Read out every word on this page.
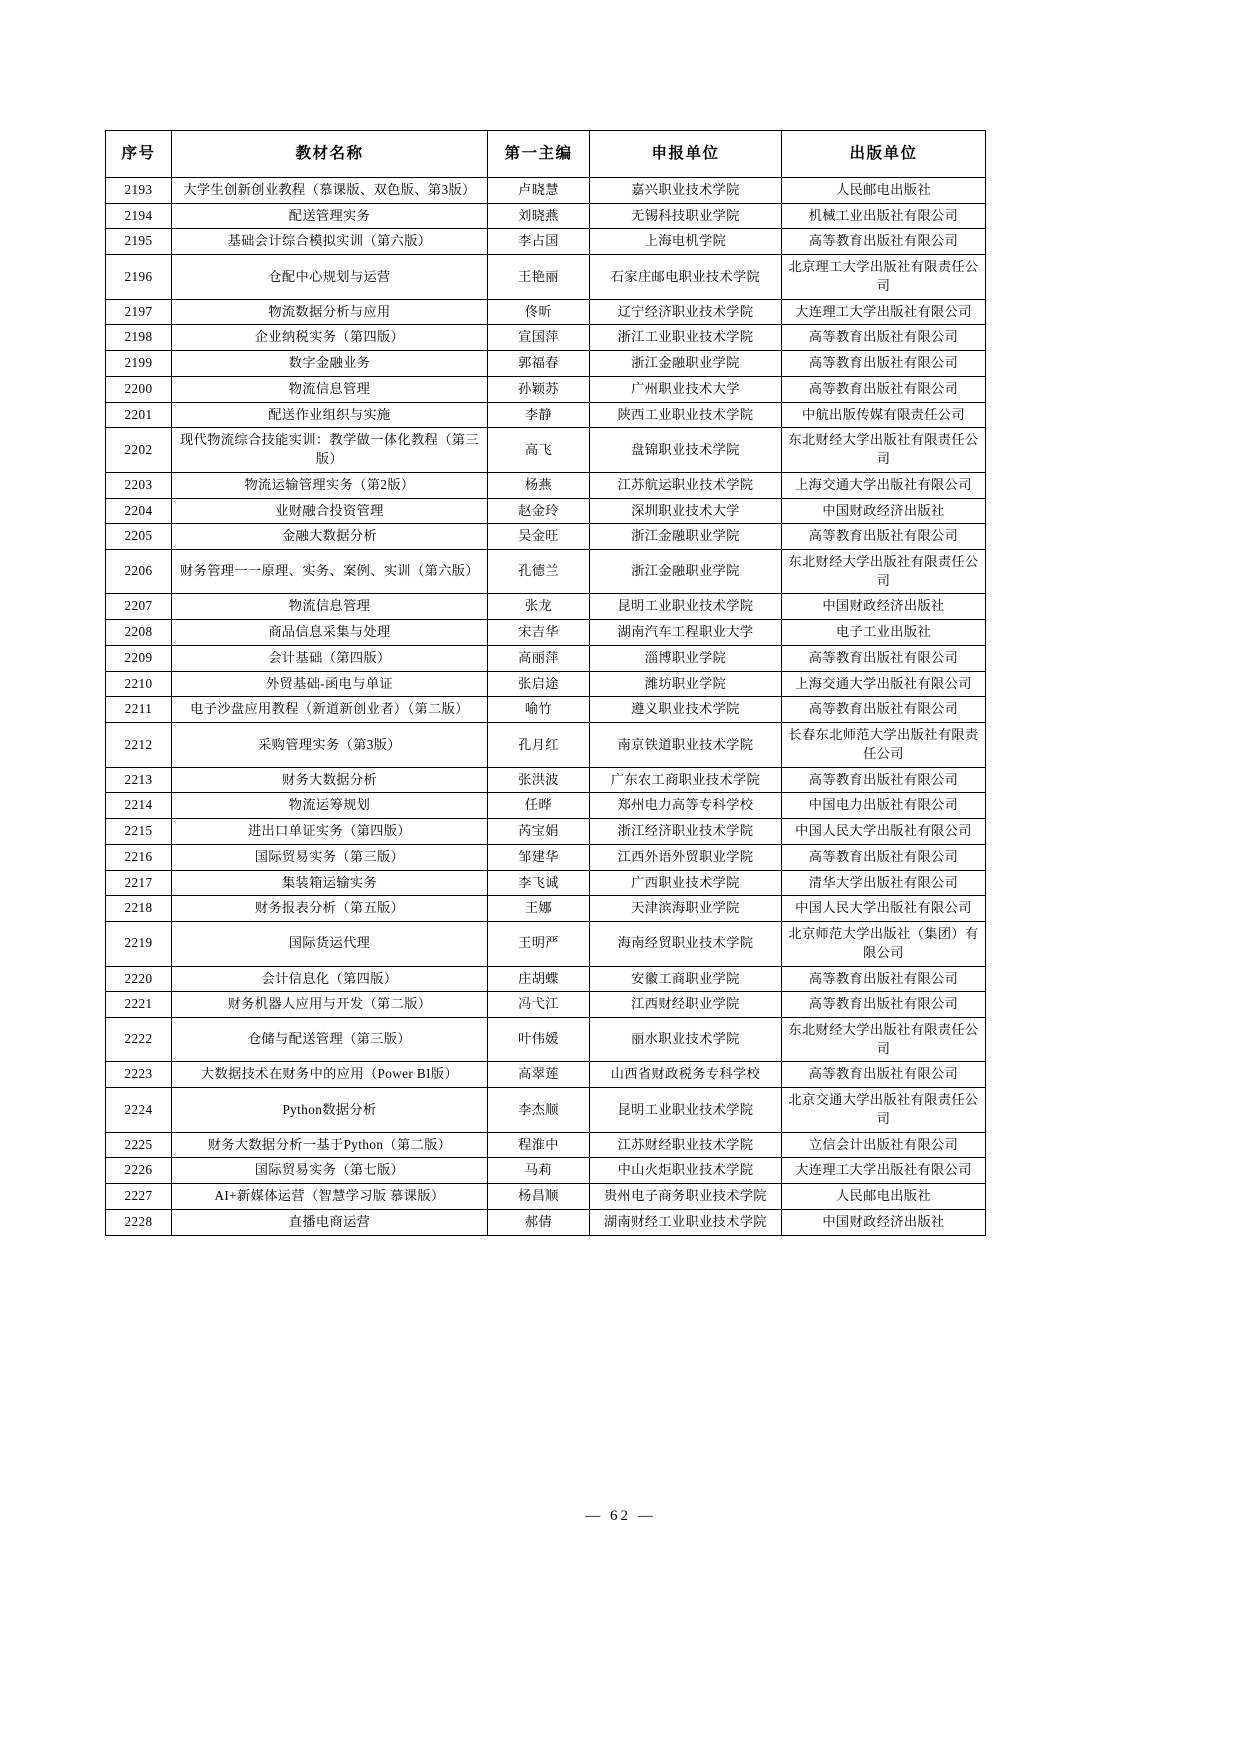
序号	教材名称	第一主编	申报单位	出版单位
2193	大学生创新创业教程（慕课版、双色版、第3版）	卢晓慧	嘉兴职业技术学院	人民邮电出版社
2194	配送管理实务	刘晓燕	无锡科技职业学院	机械工业出版社有限公司
2195	基础会计综合模拟实训（第六版）	李占国	上海电机学院	高等教育出版社有限公司
2196	仓配中心规划与运营	王艳丽	石家庄邮电职业技术学院	北京理工大学出版社有限责任公司
2197	物流数据分析与应用	佟昕	辽宁经济职业技术学院	大连理工大学出版社有限公司
2198	企业纳税实务（第四版）	宣国萍	浙江工业职业技术学院	高等教育出版社有限公司
2199	数字金融业务	郭福春	浙江金融职业学院	高等教育出版社有限公司
2200	物流信息管理	孙颖苏	广州职业技术大学	高等教育出版社有限公司
2201	配送作业组织与实施	李静	陕西工业职业技术学院	中航出版传媒有限责任公司
2202	现代物流综合技能实训：教学做一体化教程（第三版）	高飞	盘锦职业技术学院	东北财经大学出版社有限责任公司
2203	物流运输管理实务（第2版）	杨燕	江苏航运职业技术学院	上海交通大学出版社有限公司
2204	业财融合投资管理	赵金玲	深圳职业技术大学	中国财政经济出版社
2205	金融大数据分析	吴金旺	浙江金融职业学院	高等教育出版社有限公司
2206	财务管理一一原理、实务、案例、实训（第六版）	孔德兰	浙江金融职业学院	东北财经大学出版社有限责任公司
2207	物流信息管理	张龙	昆明工业职业技术学院	中国财政经济出版社
2208	商品信息采集与处理	宋吉华	湖南汽车工程职业大学	电子工业出版社
2209	会计基础（第四版）	高丽萍	淄博职业学院	高等教育出版社有限公司
2210	外贸基础-函电与单证	张启途	潍坊职业学院	上海交通大学出版社有限公司
2211	电子沙盘应用教程（新道新创业者）（第二版）	喻竹	遵义职业技术学院	高等教育出版社有限公司
2212	采购管理实务（第3版）	孔月红	南京铁道职业技术学院	长春东北师范大学出版社有限责任公司
2213	财务大数据分析	张洪波	广东农工商职业技术学院	高等教育出版社有限公司
2214	物流运筹规划	任晔	郑州电力高等专科学校	中国电力出版社有限公司
2215	进出口单证实务（第四版）	芮宝娟	浙江经济职业技术学院	中国人民大学出版社有限公司
2216	国际贸易实务（第三版）	邹建华	江西外语外贸职业学院	高等教育出版社有限公司
2217	集装箱运输实务	李飞诚	广西职业技术学院	清华大学出版社有限公司
2218	财务报表分析（第五版）	王娜	天津滨海职业学院	中国人民大学出版社有限公司
2219	国际货运代理	王明严	海南经贸职业技术学院	北京师范大学出版社（集团）有限公司
2220	会计信息化（第四版）	庄胡蝶	安徽工商职业学院	高等教育出版社有限公司
2221	财务机器人应用与开发（第二版）	冯弋江	江西财经职业学院	高等教育出版社有限公司
2222	仓储与配送管理（第三版）	叶伟媛	丽水职业技术学院	东北财经大学出版社有限责任公司
2223	大数据技术在财务中的应用（Power BI版）	高翠莲	山西省财政税务专科学校	高等教育出版社有限公司
2224	Python数据分析	李杰顺	昆明工业职业技术学院	北京交通大学出版社有限责任公司
2225	财务大数据分析一基于Python（第二版）	程淮中	江苏财经职业技术学院	立信会计出版社有限公司
2226	国际贸易实务（第七版）	马莉	中山火炬职业技术学院	大连理工大学出版社有限公司
2227	AI+新媒体运营（智慧学习版 慕课版）	杨昌顺	贵州电子商务职业技术学院	人民邮电出版社
2228	直播电商运营	郝倩	湖南财经工业职业技术学院	中国财政经济出版社
— 62 —
